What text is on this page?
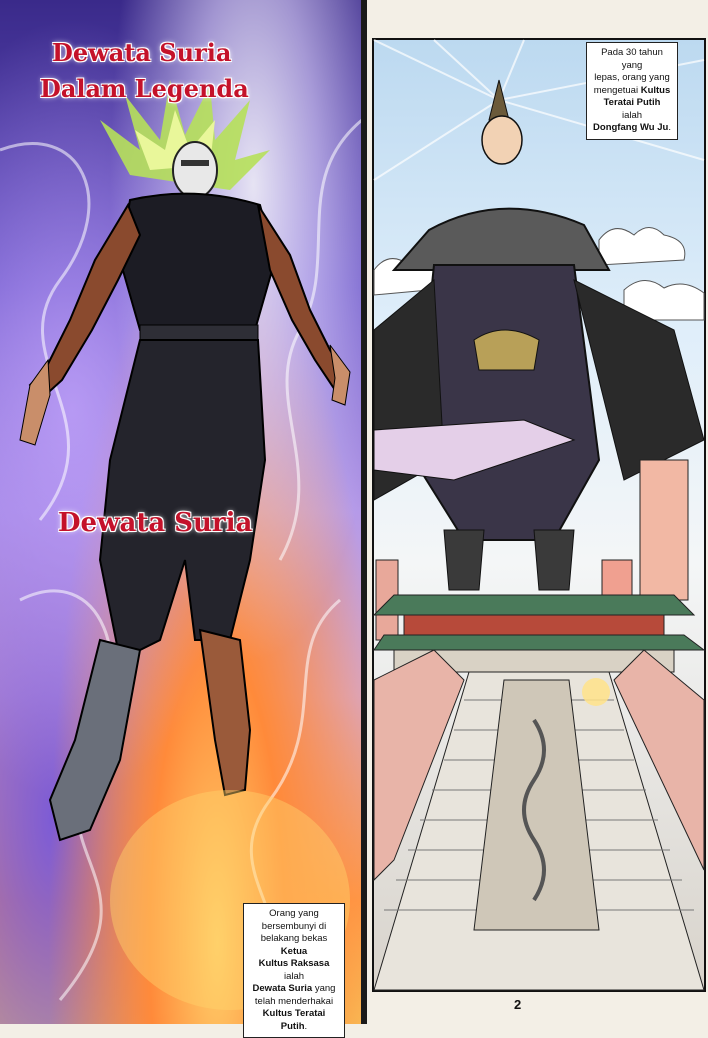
Dewata Suria
Dalam Legenda
Dewata Suria
Orang yang
bersembunyi di
belakang bekas Ketua
Kultus Raksasa ialah
Dewata Suria yang
telah menderhakai
Kultus Teratai Putih.
Pada 30 tahun yang
lepas, orang yang
mengetuai Kultus
Teratai Putih ialah
Dongfang Wu Ju.
2
